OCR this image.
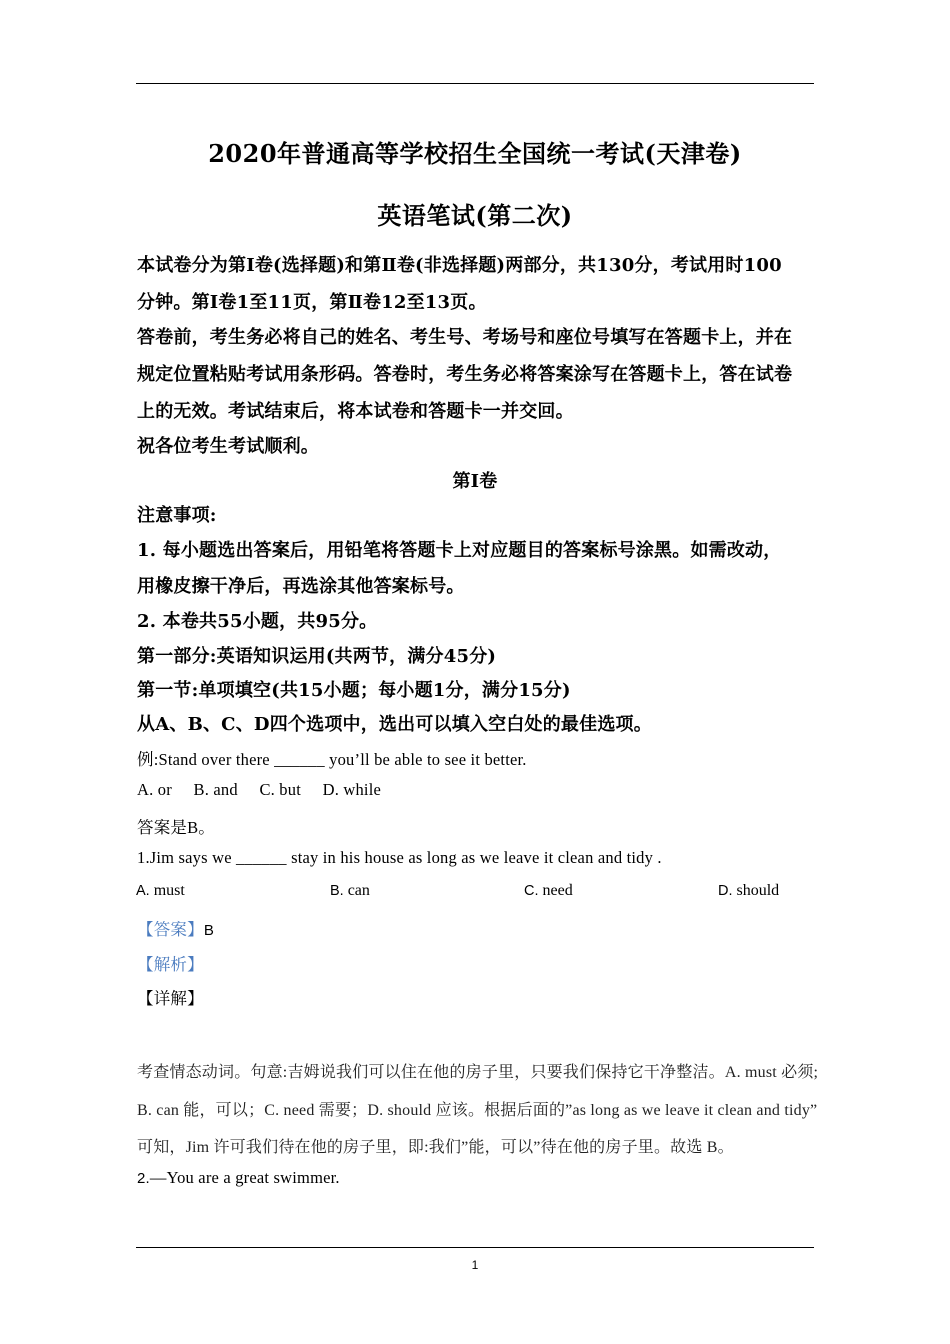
2020年普通高等学校招生全国统一考试(天津卷)
英语笔试(第二次)
本试卷分为第Ⅰ卷(选择题)和第Ⅱ卷(非选择题)两部分，共130分，考试用时100
分钟。第Ⅰ卷1至11页，第Ⅱ卷12至13页。
答卷前，考生务必将自己的姓名、考生号、考场号和座位号填写在答题卡上，并在
规定位置粘贴考试用条形码。答卷时，考生务必将答案涂写在答题卡上，答在试卷
上的无效。考试结束后，将本试卷和答题卡一并交回。
祝各位考生考试顺利。
第Ⅰ卷
注意事项:
1. 每小题选出答案后，用铅笔将答题卡上对应题目的答案标号涂黑。如需改动，
用橡皮擦干净后，再选涂其他答案标号。
2. 本卷共55小题，共95分。
第一部分:英语知识运用(共两节，满分45分)
第一节:单项填空(共15小题；每小题1分，满分15分)
从A、B、C、D四个选项中，选出可以填入空白处的最佳选项。
例:Stand over there ______ you’ll be able to see it better.
A. or     B. and     C. but     D. while
答案是B。
1.Jim says we ______ stay in his house as long as we leave it clean and tidy .
A. must	B. can	C. need	D. should
【答案】B
【解析】
【详解】
考查情态动词。句意:吉姆说我们可以住在他的房子里，只要我们保持它干净整洁。A. must 必须;
B. can 能，可以；C. need 需要；D. should 应该。根据后面的”as long as we leave it clean and tidy”
可知，Jim 许可我们待在他的房子里，即:我们”能，可以”待在他的房子里。故选 B。
2.—You are a great swimmer.
1
